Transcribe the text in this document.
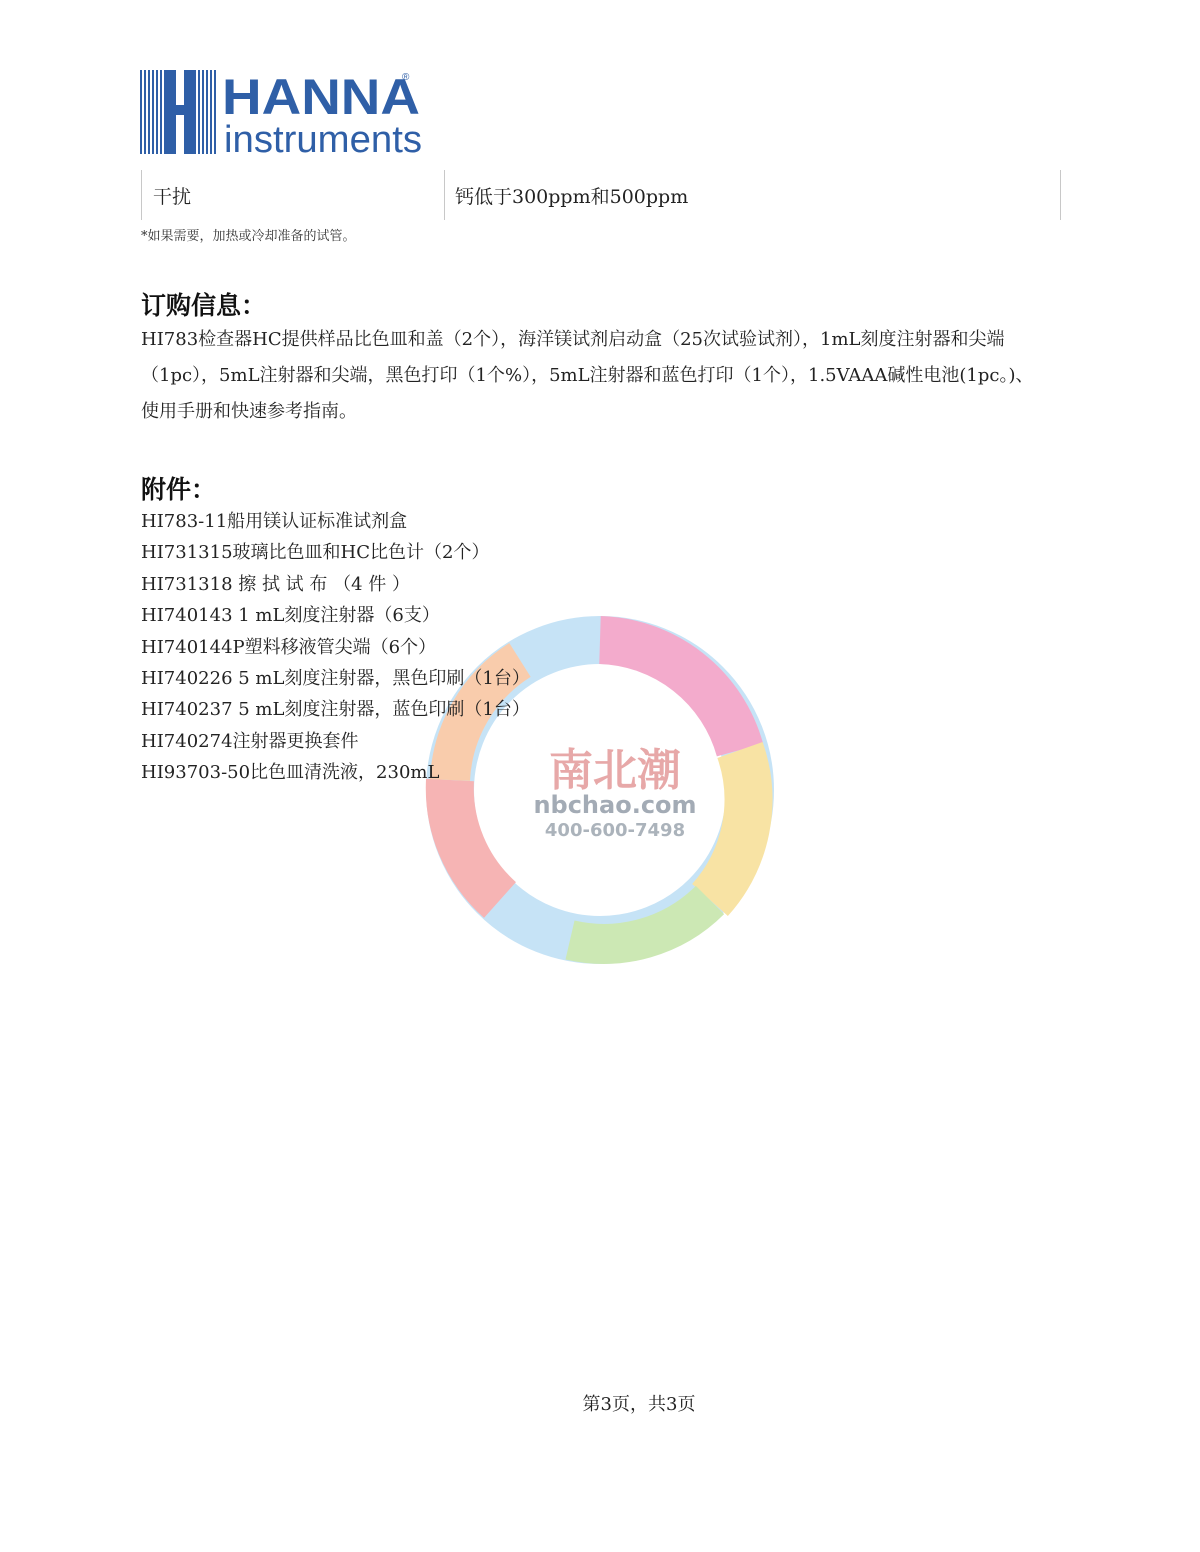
HANNA
instruments
®
干扰	钙低于300ppm和500ppm
*如果需要，加热或冷却准备的试管。
订购信息：

HI783检查器HC提供样品比色皿和盖（2个），海洋镁试剂启动盒（25次试验试剂），1mL刻度注射器和尖端（1pc），5mL注射器和尖端，黑色打印（1个%），5mL注射器和蓝色打印（1个），1.5VAAA碱性电池(1pc。)、使用手册和快速参考指南。

南北潮
nbchao.com
400-600-7498
附件：
HI783-11船用镁认证标准试剂盒
HI731315玻璃比色皿和HC比色计（2个）
HI731318 擦 拭 试 布 （4 件 ）
HI740143 1 mL刻度注射器（6支）
HI740144P塑料移液管尖端（6个）
HI740226 5 mL刻度注射器，黑色印刷（1台）
HI740237 5 mL刻度注射器，蓝色印刷（1台）
HI740274注射器更换套件
HI93703-50比色皿清洗液，230mL
第3页，共3页
